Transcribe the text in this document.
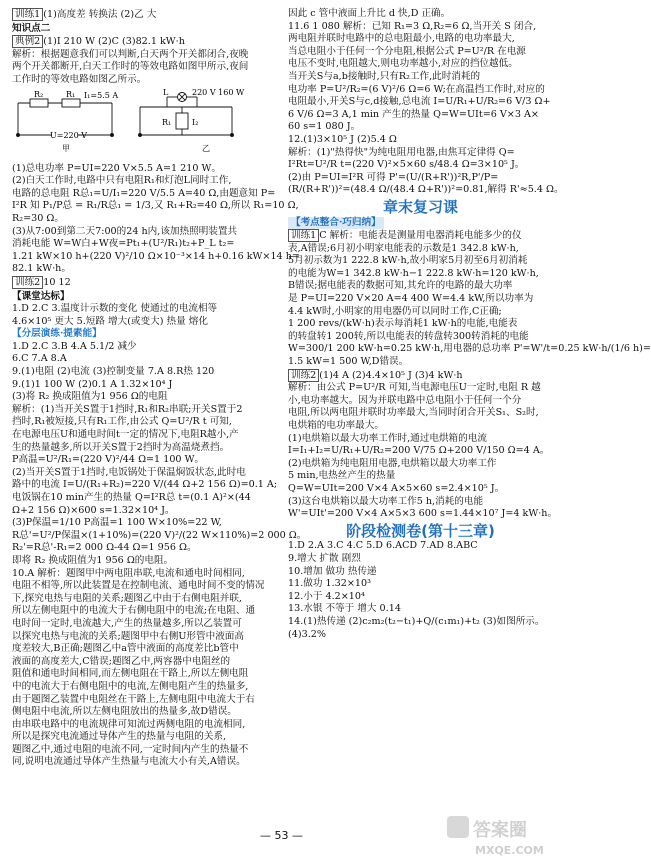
训练1 (1)高度差 转换法 (2)乙 大
知识点二
典例2 (1)I 210 W (2)C (3)82.1 kW·h
解析：根据题意我们可以判断,白天两个开关都闭合,夜晚
两个开关都断开,白天工作时的等效电路如图甲所示,夜间
工作时的等效电路如图乙所示。
R₂	R₁ I₁=5.5 A
U=220 V
甲
L	220 V 160 W
R₁	I₂
乙
(1)总电功率 P=UI=220 V×5.5 A=1 210 W。
(2)白天工作时,电路中只有电阻R₁和灯泡L同时工作,
电路的总电阻 R总₁=U/I₁=220 V/5.5 A=40 Ω,由题意知 P=
I²R 知 P₁/P总 = R₁/R总₁ = 1/3,又 R₁+R₂=40 Ω,所以 R₁=10 Ω,
R₂=30 Ω。
(3)从7:00到第二天7:00的24 h内,该加热照明装置共
消耗电能 W=W白+W夜=Pt₁+(U²/R₁)t₂+P_L t₂=
1.21 kW×10 h+(220 V)²/10 Ω×10⁻³×14 h+0.16 kW×14 h=
82.1 kW·h。
训练2 10 12
【课堂达标】
1.D 2.C 3.温度计示数的变化 使通过的电流相等
4.6×10⁵ 更大 5.短路 增大(或变大) 热量 熔化
【分层演练·提素能】
1.D 2.C 3.B 4.A 5.1/2 减少
6.C 7.A 8.A
9.(1)电阻 (2)电流 (3)控制变量 7.A 8.R热 120
9.(1)1 100 W (2)0.1 A 1.32×10⁴ J
(3)将 R₂ 换成阻值为1 956 Ω的电阻
解析：(1)当开关S置于1挡时,R₁和R₂串联;开关S置于2
挡时,R₁被短接,只有R₁工作,由公式 Q=U²/R t 可知,
在电源电压U和通电时间t一定的情况下,电阻R越小,产
生的热量越多,所以开关S置于2挡时为高温烧煮挡。
P高温=U²/R₁=(220 V)²/44 Ω=1 100 W。
(2)当开关S置于1挡时,电饭锅处于保温焖饭状态,此时电
路中的电流 I=U/(R₁+R₂)=220 V/(44 Ω+2 156 Ω)=0.1 A;
电饭锅在10 min产生的热量 Q=I²R总 t=(0.1 A)²×(44
Ω+2 156 Ω)×600 s=1.32×10⁴ J。
(3)P保温=1/10 P高温=1 100 W×10%=22 W,
R总'=U²/P保温×(1+10%)=(220 V)²/(22 W×110%)=2 000 Ω。
R₂'=R总'-R₁=2 000 Ω-44 Ω=1 956 Ω。
即将 R₂ 换成阻值为1 956 Ω的电阻。
10.A 解析：题图甲中两电阻串联,电流和通电时间相同,
电阻不相等,所以此装置是在控制电流、通电时间不变的情况
下,探究电热与电阻的关系;题图乙中由于右侧电阻并联,
所以左侧电阻中的电流大于右侧电阻中的电流;在电阻、通
电时间一定时,电流越大,产生的热量越多,所以乙装置可
以探究电热与电流的关系;题图甲中右侧U形管中液面高
度差较大,B正确;题图乙中a管中液面的高度差比b管中
液面的高度差大,C错误;题图乙中,两容器中电阻丝的
阻值和通电时间相同,而左侧电阻在干路上,所以左侧电阻
中的电流大于右侧电阻中的电流,左侧电阻产生的热量多,
由于题图乙装置中电阻丝在干路上,左侧电阻中电流大于右
侧电阻中电流,所以左侧电阻放出的热量多,故D错误。
由串联电路中的电流规律可知流过两侧电阻的电流相同,
所以是探究电流通过导体产生的热量与电阻的关系,
题图乙中,通过电阻的电流不同,一定时间内产生的热量不
同,说明电流通过导体产生热量与电流大小有关,A错误。
因此 c 管中液面上升比 d 快,D 正确。
11.6 1 080 解析：已知 R₁=3 Ω,R₂=6 Ω,当开关 S 闭合,
两电阻并联时电路中的总电阻最小,电路的电功率最大,
当总电阻小于任何一个分电阻,根据公式 P=U²/R 在电源
电压不变时,电阻越大,则电功率越小,对应的挡位越低。
当开关S与a,b接触时,只有R₂工作,此时消耗的
电功率 P=U²/R₂=(6 V)²/6 Ω=6 W;在高温挡工作时,对应的
电阻最小,开关S与c,d接触,总电流 I=U/R₁+U/R₂=6 V/3 Ω+
6 V/6 Ω=3 A,1 min 产生的热量 Q=W=UIt=6 V×3 A×
60 s=1 080 J。
12.(1)3×10⁵ J (2)5.4 Ω
解析：(1)"热得快"为纯电阻用电器,由焦耳定律得 Q=
I²Rt=U²/R t=(220 V)²×5×60 s/48.4 Ω=3×10⁵ J。
(2)由 P=UI=I²R 可得 P'=(U/(R+R'))²R,P'/P=
(R/(R+R'))²=(48.4 Ω/(48.4 Ω+R'))²=0.81,解得 R'≈5.4 Ω。
章末复习课
【考点整合·巧归纳】
训练1 C 解析：电能表是测量用电器消耗电能多少的仪
表,A错误;6月初小明家电能表的示数是1 342.8 kW·h,
5月初示数为1 222.8 kW·h,故小明家5月初至6月初消耗
的电能为W=1 342.8 kW·h−1 222.8 kW·h=120 kW·h,
B错误;据电能表的数据可知,其允许的电路的最大功率
是 P=UI=220 V×20 A=4 400 W=4.4 kW,所以功率为
4.4 kW时,小明家的用电器仍可以同时工作,C正确;
1 200 revs/(kW·h)表示每消耗1 kW·h的电能,电能表
的转盘转1 200转,所以电能表的转盘转300转消耗的电能
W=300/1 200 kW·h=0.25 kW·h,用电器的总功率 P'=W'/t=0.25 kW·h/(1/6 h)=
1.5 kW=1 500 W,D错误。
训练2 (1)4 A (2)4.4×10⁵ J (3)4 kW·h
解析：由公式 P=U²/R 可知,当电源电压U一定时,电阻 R 越
小,电功率越大。因为并联电路中总电阻小于任何一个分
电阻,所以两电阻并联时功率最大,当同时闭合开关S₁、S₂时,
电烘箱的电功率最大。
(1)电烘箱以最大功率工作时,通过电烘箱的电流
I=I₁+I₂=U/R₁+U/R₂=200 V/75 Ω+200 V/150 Ω=4 A。
(2)电烘箱为纯电阻用电器,电烘箱以最大功率工作
5 min,电热丝产生的热量
Q=W=UIt=200 V×4 A×5×60 s=2.4×10⁵ J。
(3)这台电烘箱以最大功率工作5 h,消耗的电能
W'=UIt'=200 V×4 A×5×3 600 s=1.44×10⁷ J=4 kW·h。
阶段检测卷(第十三章)
1.D 2.A 3.C 4.C 5.D 6.ACD 7.AD 8.ABC
9.增大 扩散 剧烈
10.增加 做功 热传递
11.做功 1.32×10³
12.小于 4.2×10⁴
13.水银 不等于 增大 0.14
14.(1)热传递 (2)c₂m₂(t₂−t₁)+Q/(c₁m₁)+t₂ (3)如图所示。
(4)3.2%
— 53 —	答案圈
MXQE.COM
